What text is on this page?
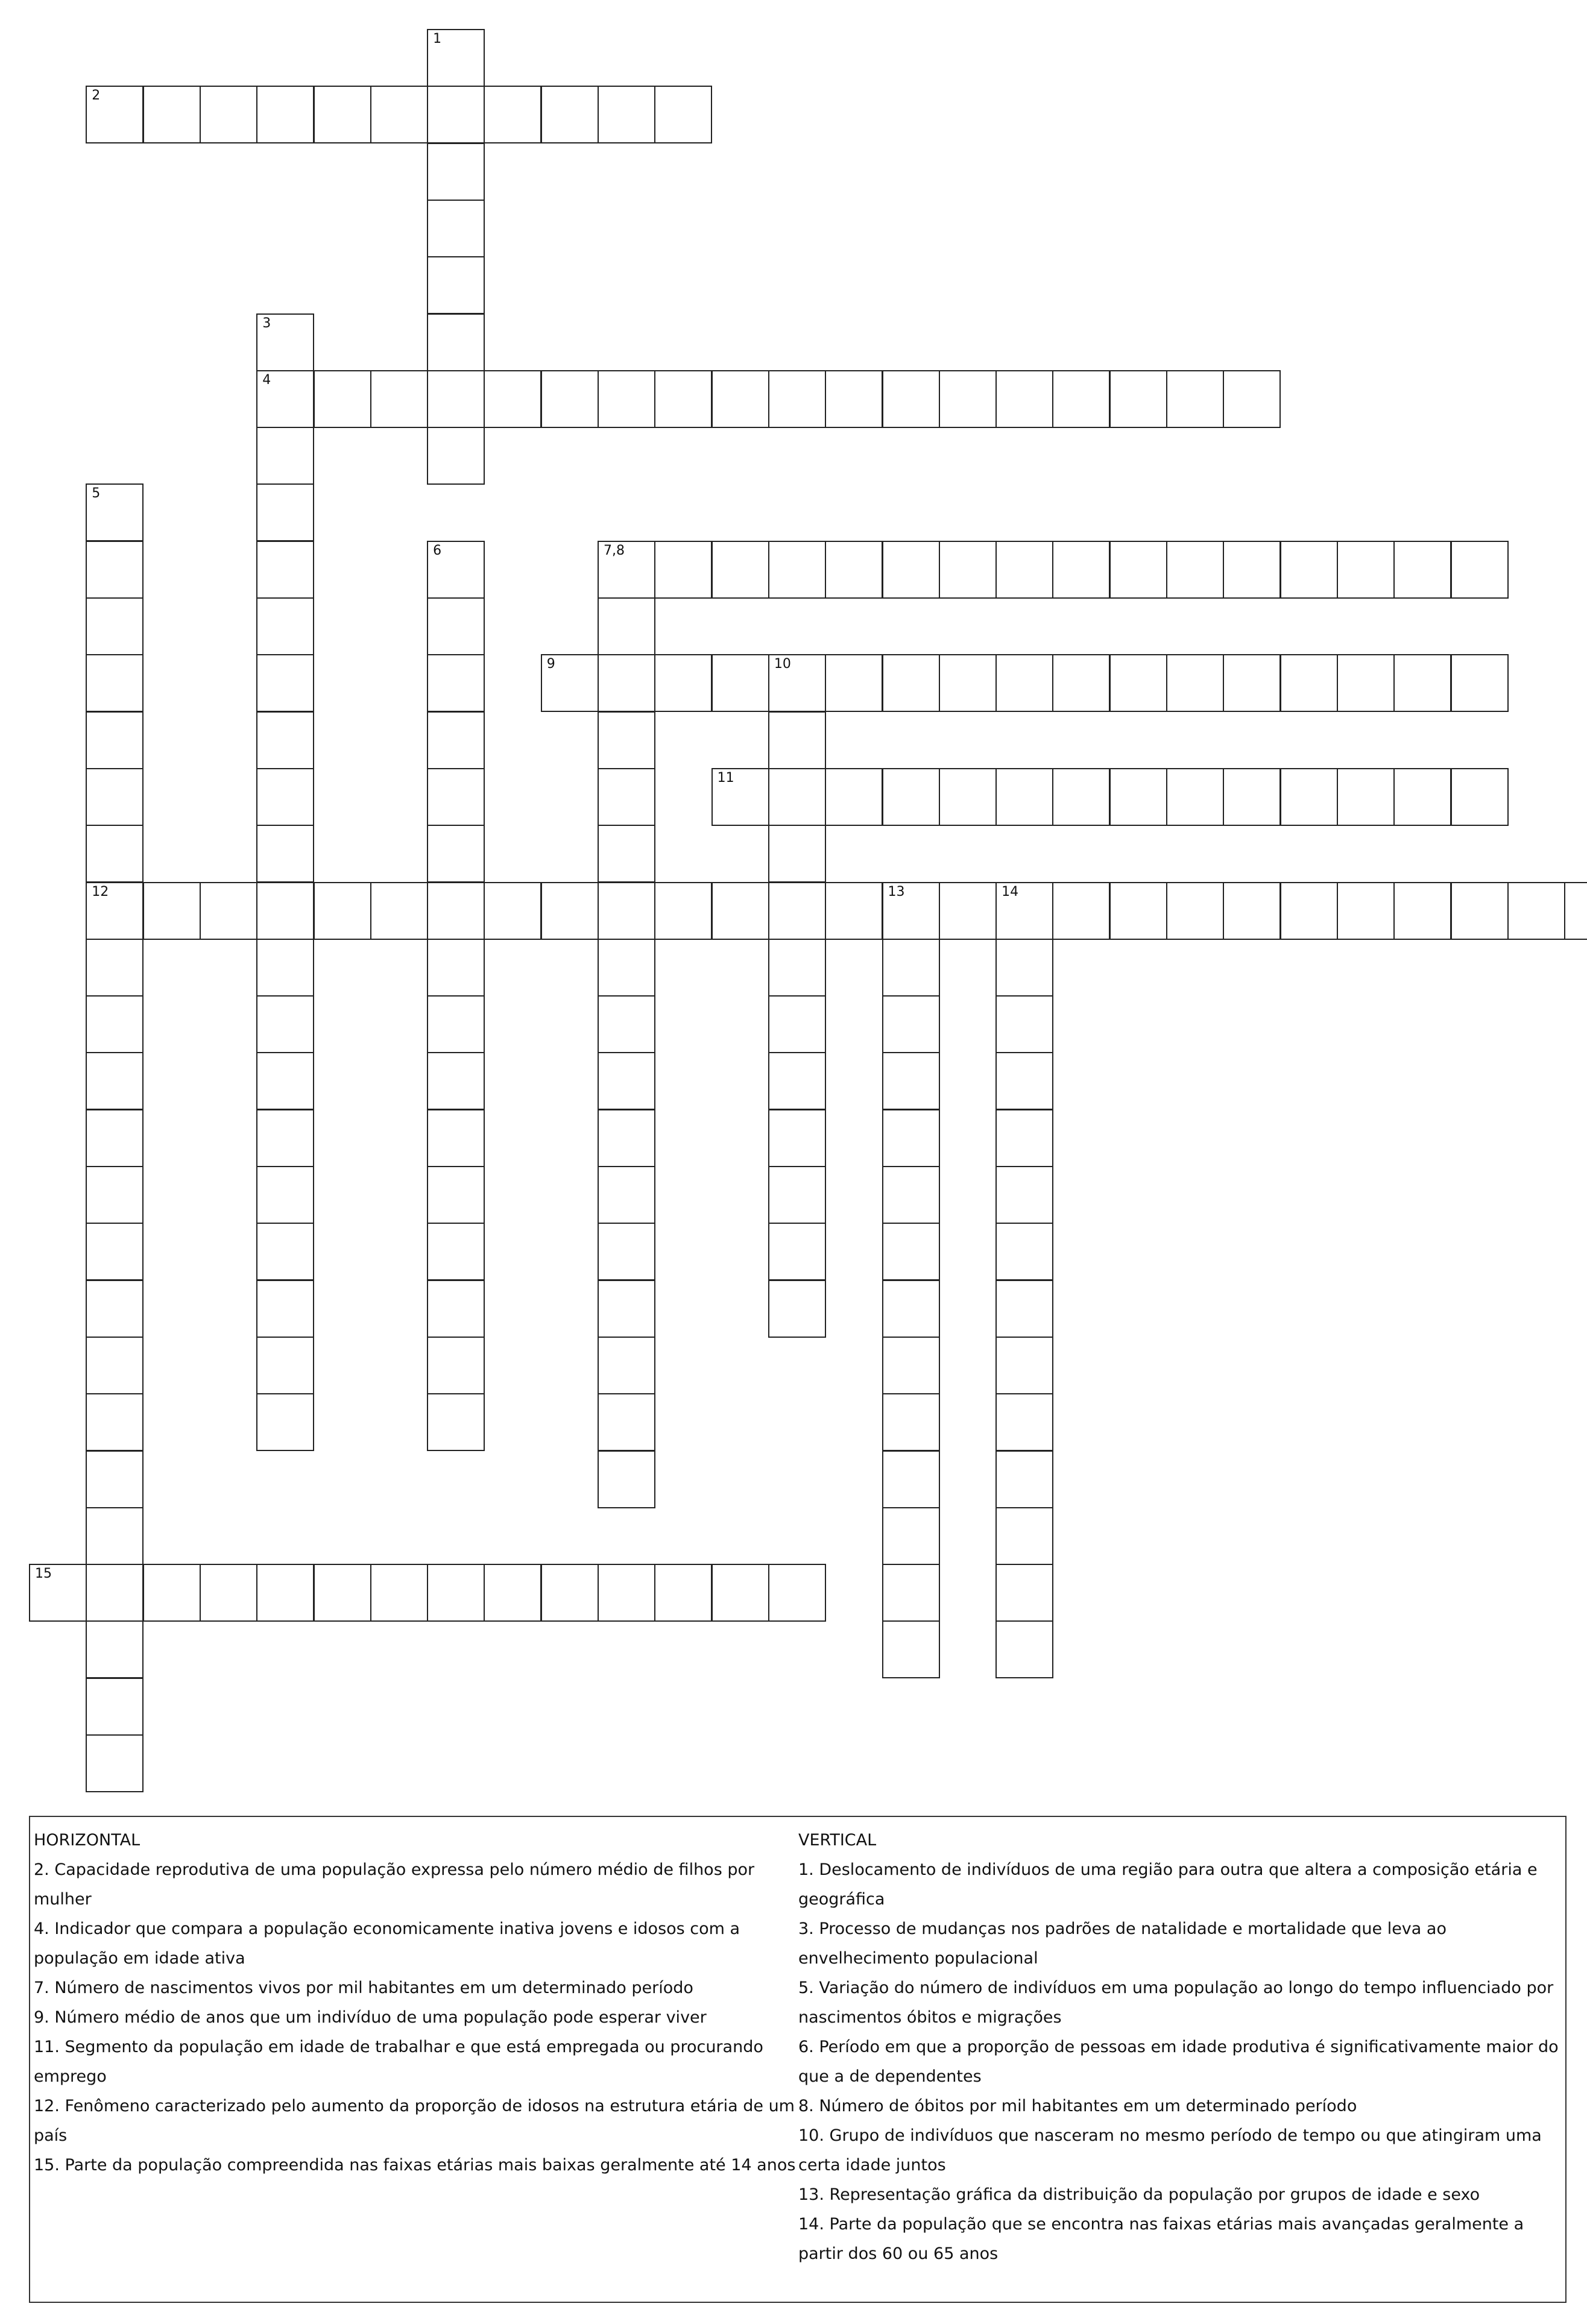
1
2
3
4
5
12
6	7,8
9	10
11
13	14
15
HORIZONTAL
2. Capacidade reprodutiva de uma população expressa pelo número médio de filhos por
mulher
4. Indicador que compara a população economicamente inativa jovens e idosos com a
população em idade ativa
7. Número de nascimentos vivos por mil habitantes em um determinado período
9. Número médio de anos que um indivíduo de uma população pode esperar viver
11. Segmento da população em idade de trabalhar e que está empregada ou procurando
emprego
12. Fenômeno caracterizado pelo aumento da proporção de idosos na estrutura etária de um
país
15. Parte da população compreendida nas faixas etárias mais baixas geralmente até 14 anos
VERTICAL
1. Deslocamento de indivíduos de uma região para outra que altera a composição etária e
geográfica
3. Processo de mudanças nos padrões de natalidade e mortalidade que leva ao
envelhecimento populacional
5. Variação do número de indivíduos em uma população ao longo do tempo influenciado por
nascimentos óbitos e migrações
6. Período em que a proporção de pessoas em idade produtiva é significativamente maior do
que a de dependentes
8. Número de óbitos por mil habitantes em um determinado período
10. Grupo de indivíduos que nasceram no mesmo período de tempo ou que atingiram uma
certa idade juntos
13. Representação gráfica da distribuição da população por grupos de idade e sexo
14. Parte da população que se encontra nas faixas etárias mais avançadas geralmente a
partir dos 60 ou 65 anos
